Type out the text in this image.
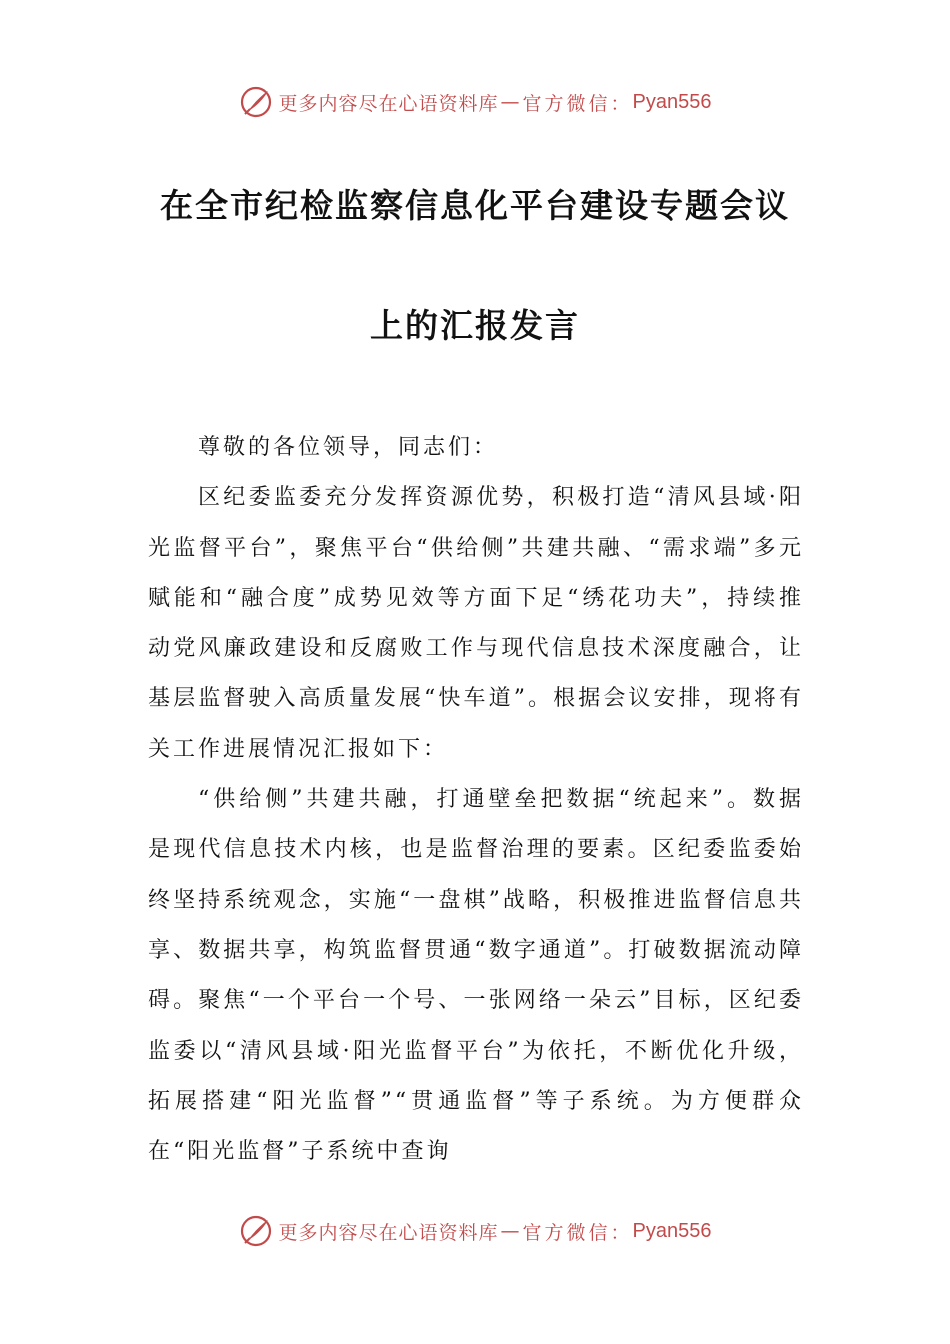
更多内容尽在心语资料库 — 官方微信： Pyan556
在全市纪检监察信息化平台建设专题会议
上的汇报发言

尊敬的各位领导，同志们：

区纪委监委充分发挥资源优势，积极打造“清风县域·阳光监督平台”，聚焦平台“供给侧”共建共融、“需求端”多元赋能和“融合度”成势见效等方面下足“绣花功夫”，持续推动党风廉政建设和反腐败工作与现代信息技术深度融合，让基层监督驶入高质量发展“快车道”。根据会议安排，现将有关工作进展情况汇报如下：

“供给侧”共建共融，打通壁垒把数据“统起来”。数据是现代信息技术内核，也是监督治理的要素。区纪委监委始终坚持系统观念，实施“一盘棋”战略，积极推进监督信息共享、数据共享，构筑监督贯通“数字通道”。打破数据流动障碍。聚焦“一个平台一个号、一张网络一朵云”目标，区纪委监委以“清风县域·阳光监督平台”为依托，不断优化升级，拓展搭建“阳光监督”“贯通监督”等子系统。为方便群众在“阳光监督”子系统中查询

更多内容尽在心语资料库 — 官方微信： Pyan556
